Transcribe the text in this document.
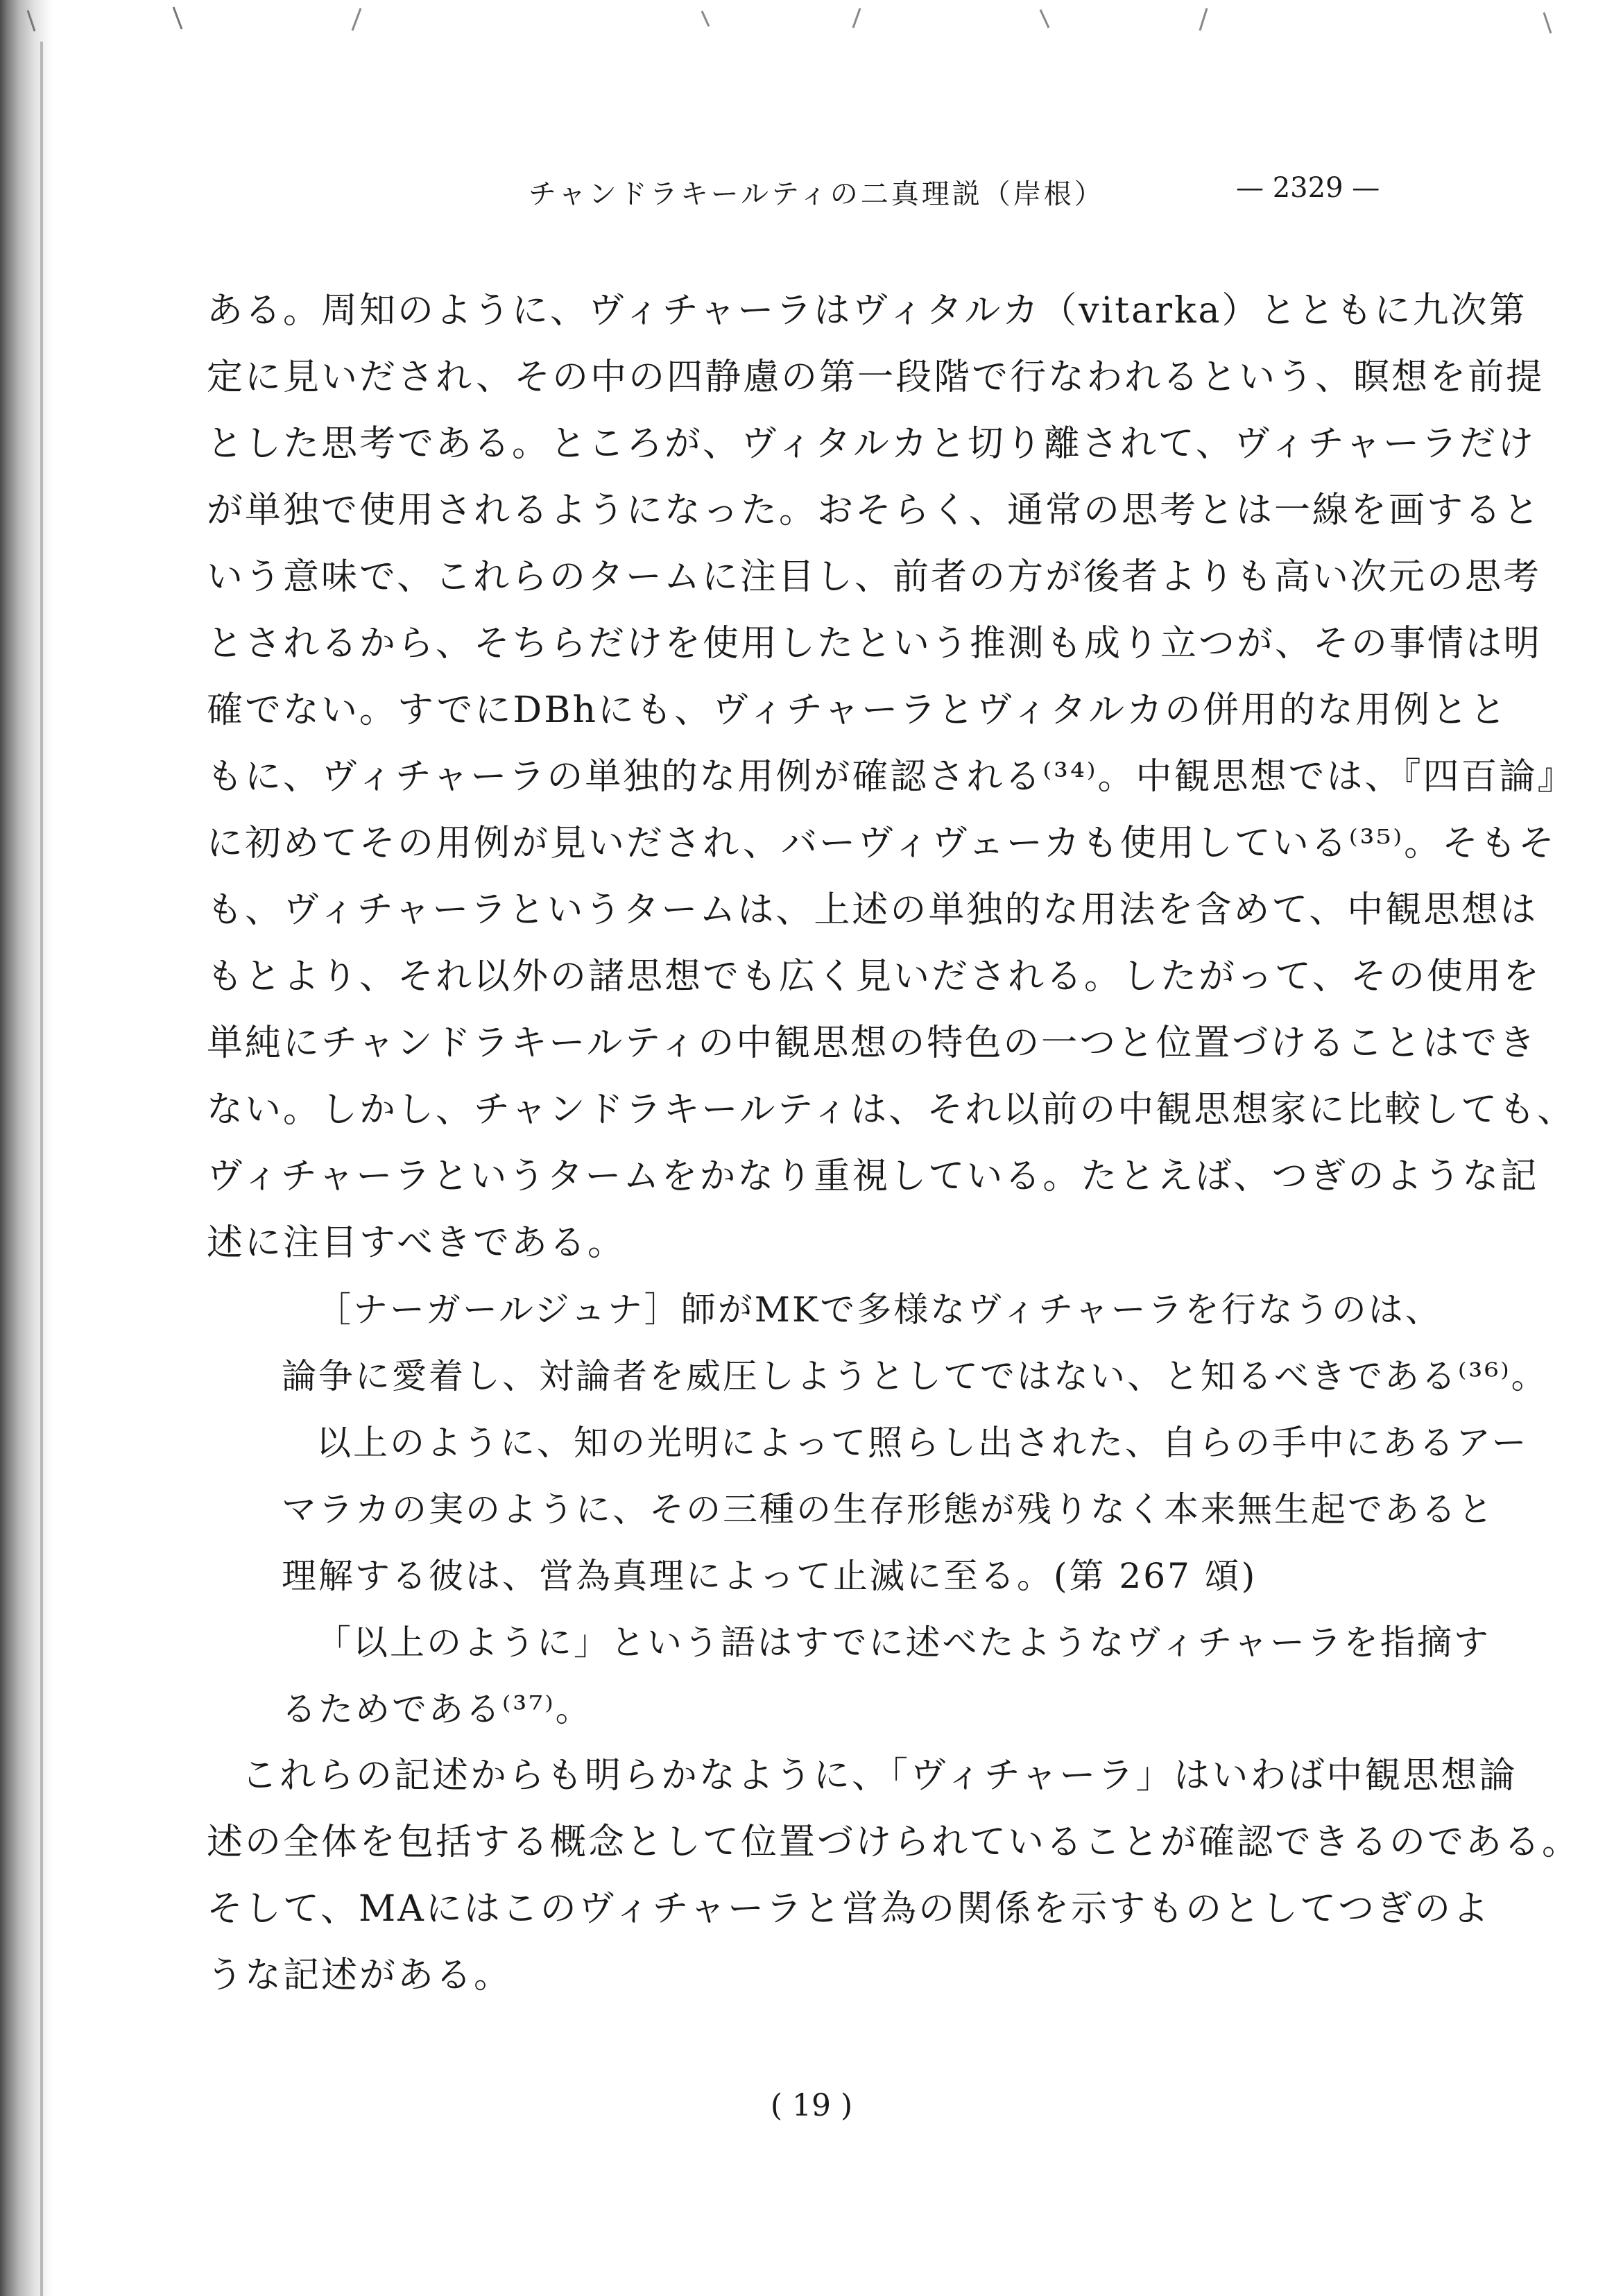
チャンドラキールティの二真理説（岸根）	— 2329 —
ある。周知のように、ヴィチャーラはヴィタルカ（vitarka）とともに九次第
定に見いだされ、その中の四静慮の第一段階で行なわれるという、瞑想を前提
とした思考である。ところが、ヴィタルカと切り離されて、ヴィチャーラだけ
が単独で使用されるようになった。おそらく、通常の思考とは一線を画すると
いう意味で、これらのタームに注目し、前者の方が後者よりも高い次元の思考
とされるから、そちらだけを使用したという推測も成り立つが、その事情は明
確でない。すでにDBhにも、ヴィチャーラとヴィタルカの併用的な用例とと
もに、ヴィチャーラの単独的な用例が確認される⁽³⁴⁾。中観思想では、『四百論』
に初めてその用例が見いだされ、バーヴィヴェーカも使用している⁽³⁵⁾。そもそ
も、ヴィチャーラというタームは、上述の単独的な用法を含めて、中観思想は
もとより、それ以外の諸思想でも広く見いだされる。したがって、その使用を
単純にチャンドラキールティの中観思想の特色の一つと位置づけることはでき
ない。しかし、チャンドラキールティは、それ以前の中観思想家に比較しても、
ヴィチャーラというタームをかなり重視している。たとえば、つぎのような記
述に注目すべきである。
［ナーガールジュナ］師がMKで多様なヴィチャーラを行なうのは、
論争に愛着し、対論者を威圧しようとしてではない、と知るべきである⁽³⁶⁾。
以上のように、知の光明によって照らし出された、自らの手中にあるアー
マラカの実のように、その三種の生存形態が残りなく本来無生起であると
理解する彼は、営為真理によって止滅に至る。(第 267 頌)
「以上のように」という語はすでに述べたようなヴィチャーラを指摘す
るためである⁽³⁷⁾。
これらの記述からも明らかなように、「ヴィチャーラ」はいわば中観思想論
述の全体を包括する概念として位置づけられていることが確認できるのである。
そして、MAにはこのヴィチャーラと営為の関係を示すものとしてつぎのよ
うな記述がある。
( 19 )
